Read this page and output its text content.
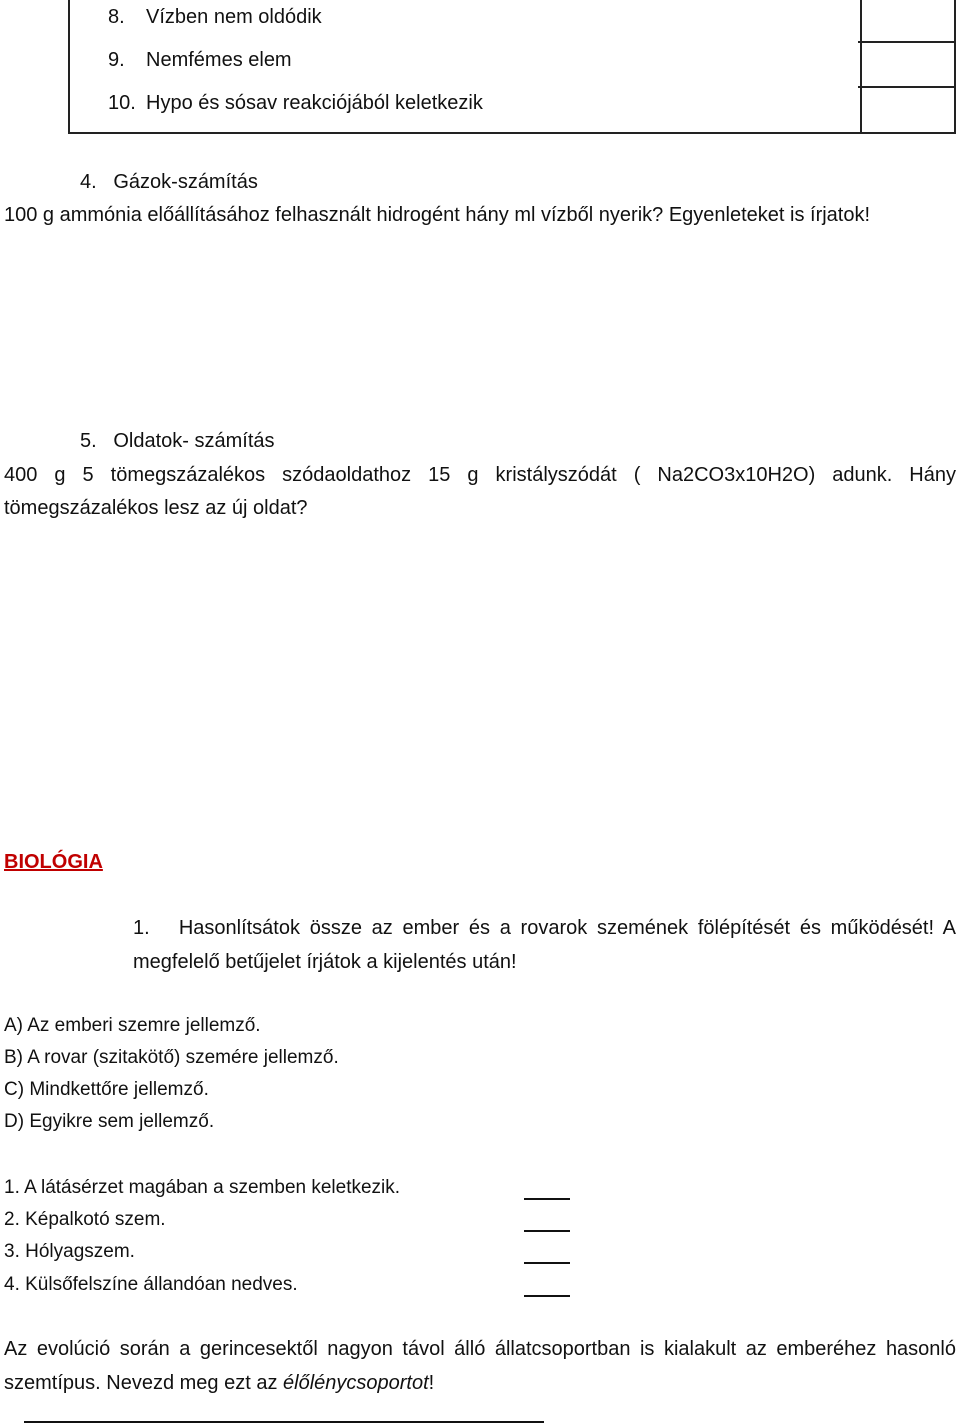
8. Vízben nem oldódik
9. Nemfémes elem
10. Hypo és sósav reakciójából keletkezik
4.   Gázok-számítás
100 g ammónia előállításához felhasznált hidrogént hány ml vízből nyerik? Egyenleteket is írjatok!
5.   Oldatok- számítás
400 g 5 tömegszázalékos szódaoldathoz 15 g kristályszódát ( Na2CO3x10H2O) adunk. Hány
tömegszázalékos lesz az új oldat?
BIOLÓGIA
1.   Hasonlítsátok össze az ember és a rovarok szemének fölépítését és működését! A
megfelelő betűjelet írjátok a kijelentés után!
A) Az emberi szemre jellemző.
B) A rovar (szitakötő) szemére jellemző.
C) Mindkettőre jellemző.
D) Egyikre sem jellemző.
1. A látásérzet magában a szemben keletkezik.
2. Képalkotó szem.
3. Hólyagszem.
4. Külsőfelszíne állandóan nedves.
Az evolúció során a gerincesektől nagyon távol álló állatcsoportban is kialakult az emberéhez hasonló
szemtípus. Nevezd meg ezt az élőlénycsoportot!
